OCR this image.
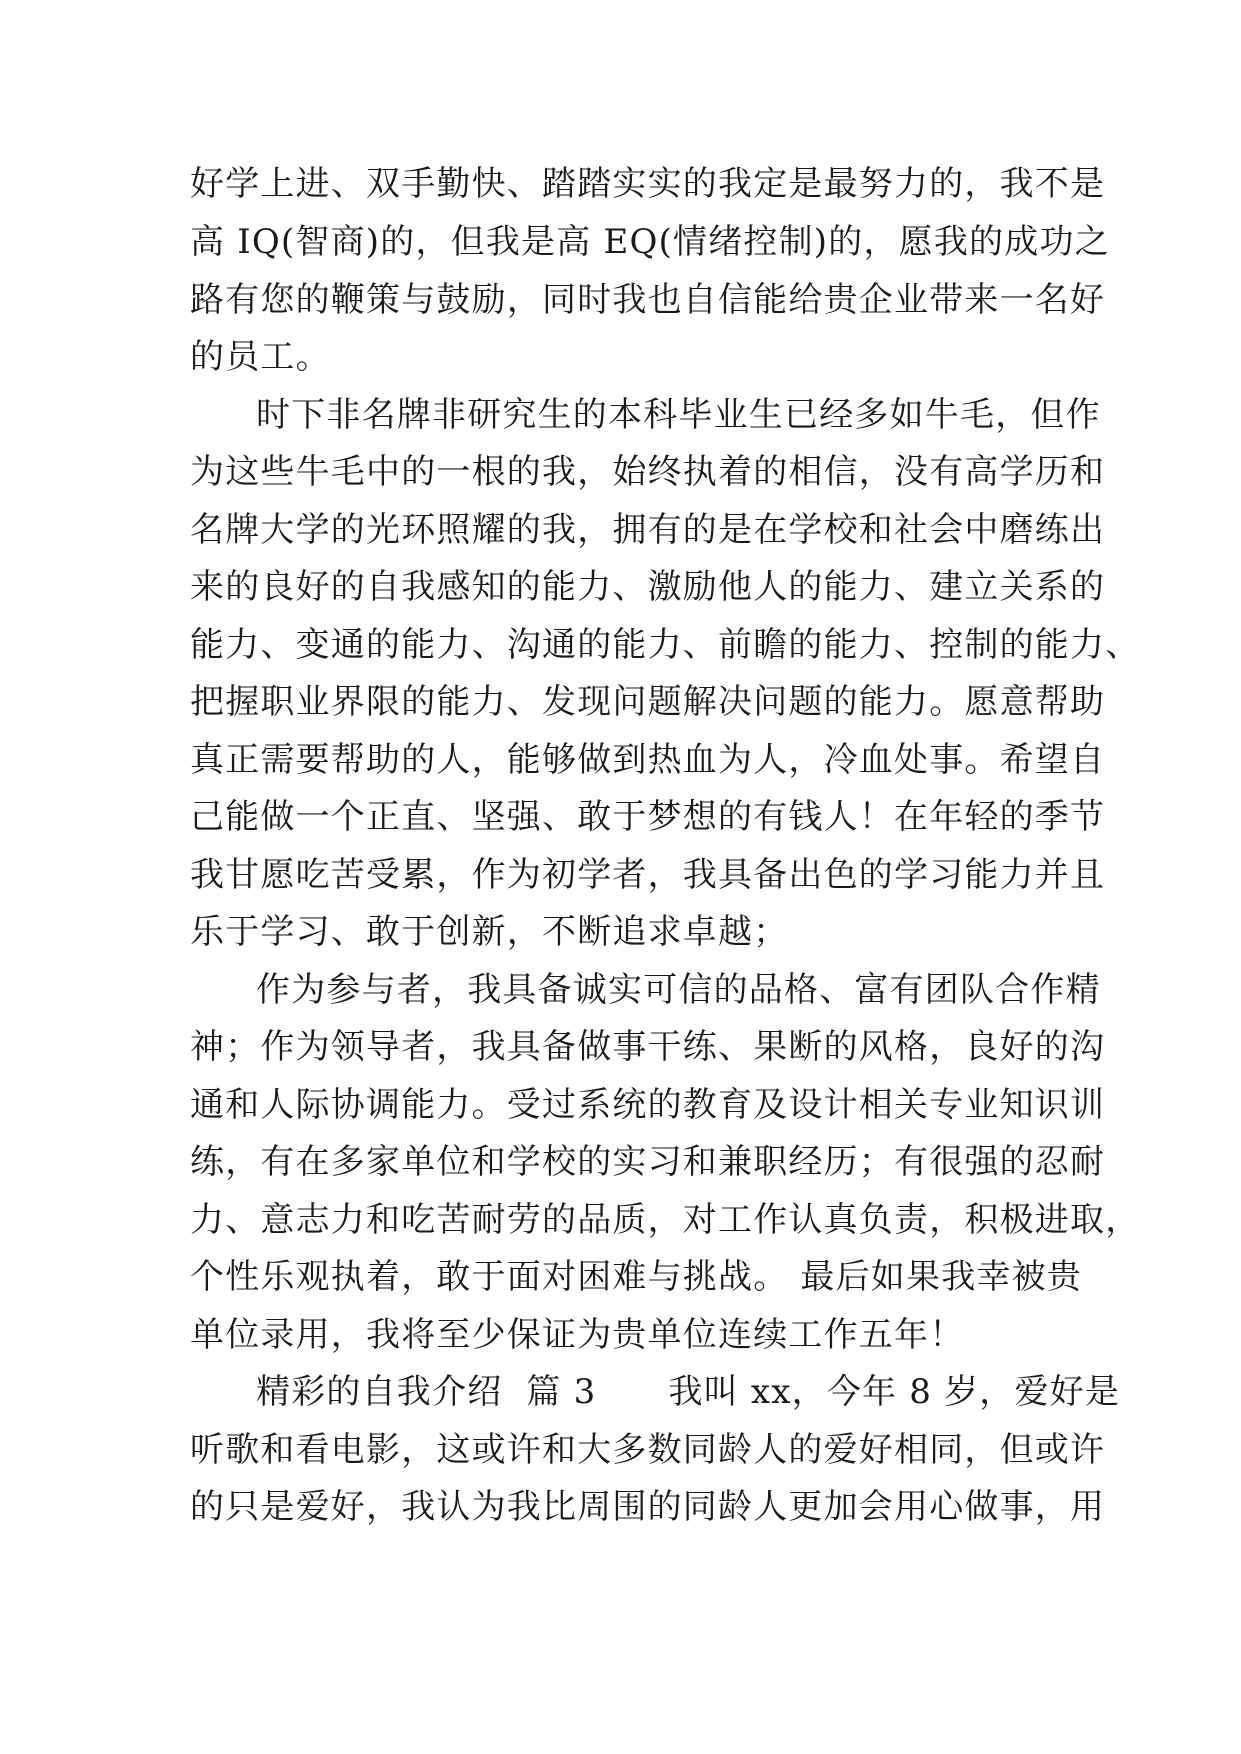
好学上进、双手勤快、踏踏实实的我定是最努力的，我不是
高 IQ(智商)的，但我是高 EQ(情绪控制)的，愿我的成功之
路有您的鞭策与鼓励，同时我也自信能给贵企业带来一名好
的员工。
时下非名牌非研究生的本科毕业生已经多如牛毛，但作
为这些牛毛中的一根的我，始终执着的相信，没有高学历和
名牌大学的光环照耀的我，拥有的是在学校和社会中磨练出
来的良好的自我感知的能力、激励他人的能力、建立关系的
能力、变通的能力、沟通的能力、前瞻的能力、控制的能力、
把握职业界限的能力、发现问题解决问题的能力。愿意帮助
真正需要帮助的人，能够做到热血为人，冷血处事。希望自
己能做一个正直、坚强、敢于梦想的有钱人！在年轻的季节
我甘愿吃苦受累，作为初学者，我具备出色的学习能力并且
乐于学习、敢于创新，不断追求卓越；
作为参与者，我具备诚实可信的品格、富有团队合作精
神；作为领导者，我具备做事干练、果断的风格，良好的沟
通和人际协调能力。受过系统的教育及设计相关专业知识训
练，有在多家单位和学校的实习和兼职经历；有很强的忍耐
力、意志力和吃苦耐劳的品质，对工作认真负责，积极进取，
个性乐观执着，敢于面对困难与挑战。 最后如果我幸被贵
单位录用，我将至少保证为贵单位连续工作五年！
精彩的自我介绍  篇 3      我叫 xx，今年 8 岁，爱好是
听歌和看电影，这或许和大多数同龄人的爱好相同，但或许
的只是爱好，我认为我比周围的同龄人更加会用心做事，用
